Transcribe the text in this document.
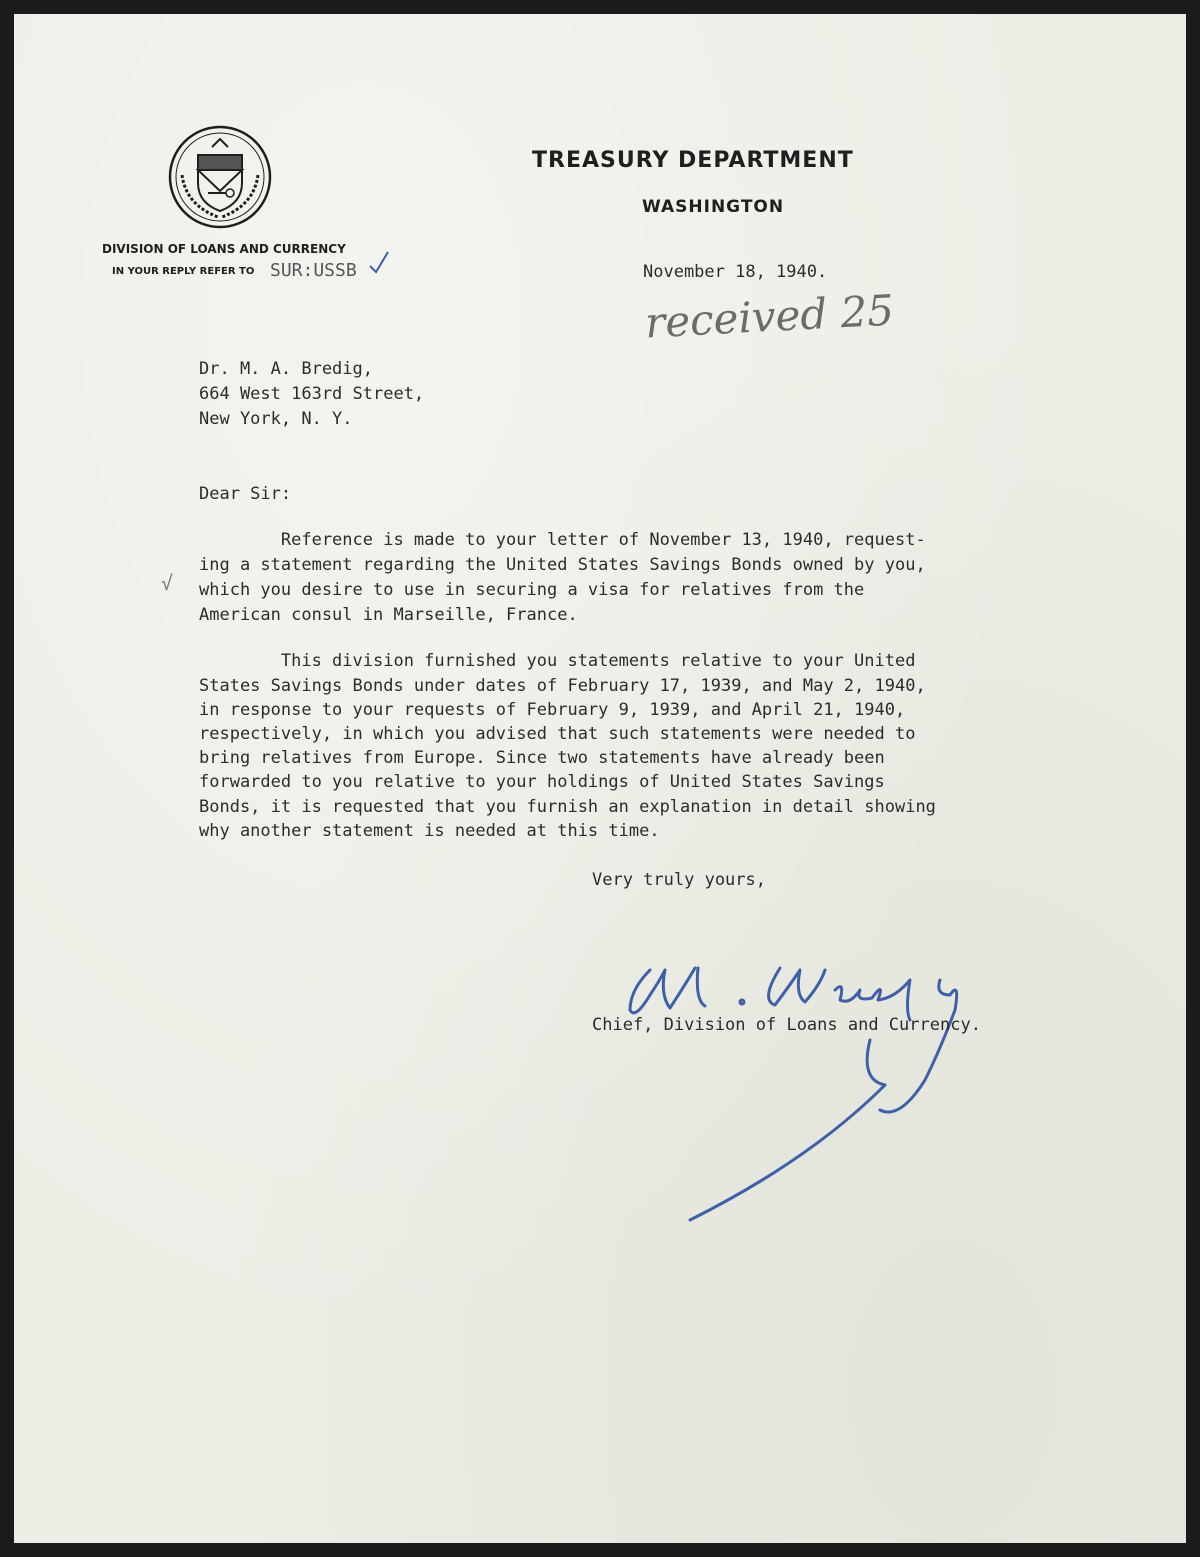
TREASURY DEPARTMENT
WASHINGTON
DIVISION OF LOANS AND CURRENCY
IN YOUR REPLY REFER TO SUR:USSB	November 18, 1940.
received 25
Dr. M. A. Bredig,
664 West 163rd Street,
New York, N. Y.
Dear Sir:
√
Reference is made to your letter of November 13, 1940, request-
ing a statement regarding the United States Savings Bonds owned by you,
which you desire to use in securing a visa for relatives from the
American consul in Marseille, France.
This division furnished you statements relative to your United
States Savings Bonds under dates of February 17, 1939, and May 2, 1940,
in response to your requests of February 9, 1939, and April 21, 1940,
respectively, in which you advised that such statements were needed to
bring relatives from Europe. Since two statements have already been
forwarded to you relative to your holdings of United States Savings
Bonds, it is requested that you furnish an explanation in detail showing
why another statement is needed at this time.
Very truly yours,
Chief, Division of Loans and Currency.
